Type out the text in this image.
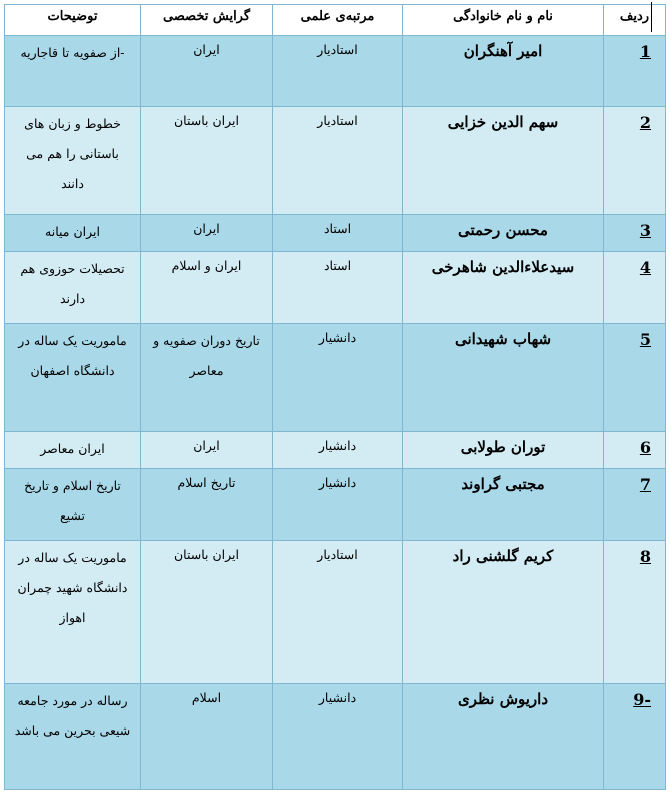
ردیف	نام و نام خانوادگی	مرتبه‌ی علمی	گرایش تخصصی	توضیحات
1	امیر آهنگران	استادیار	ایران	-از صفویه تا قاجاریه
2	سهم الدین خزایی	استادیار	ایران باستان	خطوط و زبان های باستانی را هم می دانند
3	محسن رحمتی	استاد	ایران	ایران میانه
4	سیدعلاءالدین شاهرخی	استاد	ایران و اسلام	تحصیلات حوزوی هم دارند
5	شهاب شهیدانی	دانشیار	تاریخ دوران صفویه و معاصر	ماموریت یک ساله در دانشگاه اصفهان
6	توران طولابی	دانشیار	ایران	ایران معاصر
7	مجتبی گراوند	دانشیار	تاریخ اسلام	تاریخ اسلام و تاریخ تشیع
8	کریم گلشنی راد	استادیار	ایران باستان	ماموریت یک ساله در دانشگاه شهید چمران اهواز
-9	داریوش نظری	دانشیار	اسلام	رساله در مورد جامعه شیعی بحرین می باشد
